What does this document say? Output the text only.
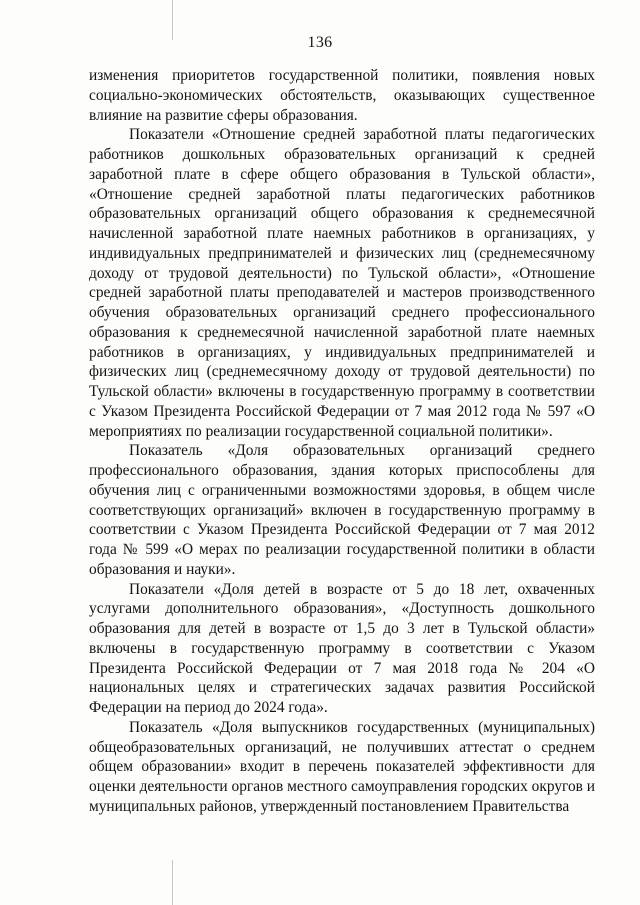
136

изменения приоритетов государственной политики, появления новых социально-экономических обстоятельств, оказывающих существенное влияние на развитие сферы образования.

Показатели «Отношение средней заработной платы педагогических работников дошкольных образовательных организаций к средней заработной плате в сфере общего образования в Тульской области», «Отношение средней заработной платы педагогических работников образовательных организаций общего образования к среднемесячной начисленной заработной плате наемных работников в организациях, у индивидуальных предпринимателей и физических лиц (среднемесячному доходу от трудовой деятельности) по Тульской области», «Отношение средней заработной платы преподавателей и мастеров производственного обучения образовательных организаций среднего профессионального образования к среднемесячной начисленной заработной плате наемных работников в организациях, у индивидуальных предпринимателей и физических лиц (среднемесячному доходу от трудовой деятельности) по Тульской области» включены в государственную программу в соответствии с Указом Президента Российской Федерации от 7 мая 2012 года № 597 «О мероприятиях по реализации государственной социальной политики».

Показатель «Доля образовательных организаций среднего профессионального образования, здания которых приспособлены для обучения лиц с ограниченными возможностями здоровья, в общем числе соответствующих организаций» включен в государственную программу в соответствии с Указом Президента Российской Федерации от 7 мая 2012 года № 599 «О мерах по реализации государственной политики в области образования и науки».

Показатели «Доля детей в возрасте от 5 до 18 лет, охваченных услугами дополнительного образования», «Доступность дошкольного образования для детей в возрасте от 1,5 до 3 лет в Тульской области» включены в государственную программу в соответствии с Указом Президента Российской Федерации от 7 мая 2018 года № 204 «О национальных целях и стратегических задачах развития Российской Федерации на период до 2024 года».

Показатель «Доля выпускников государственных (муниципальных) общеобразовательных организаций, не получивших аттестат о среднем общем образовании» входит в перечень показателей эффективности для оценки деятельности органов местного самоуправления городских округов и муниципальных районов, утвержденный постановлением Правительства
